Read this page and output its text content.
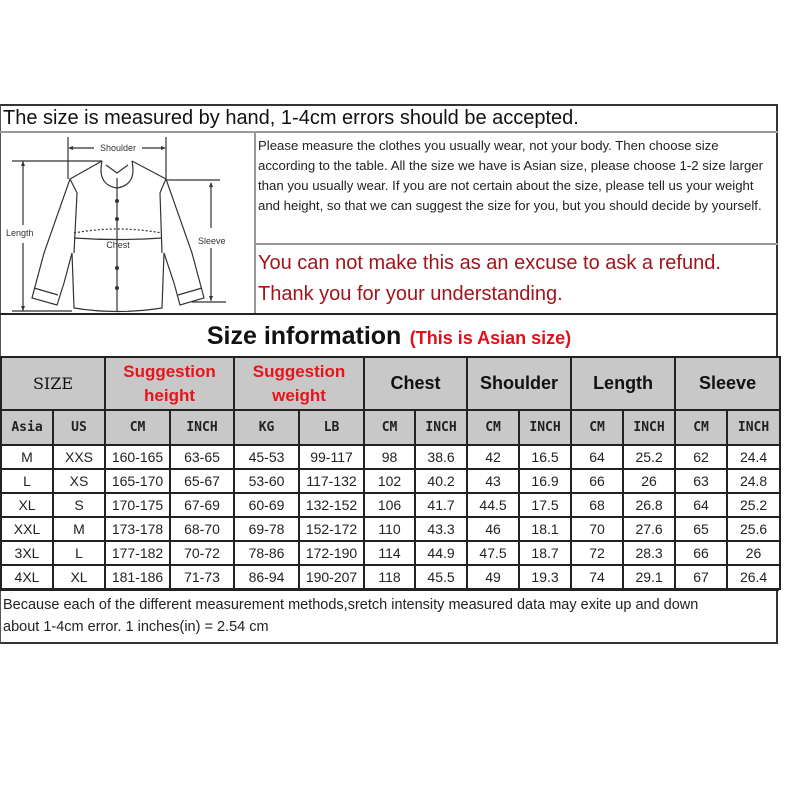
The size is measured by hand, 1-4cm errors should be accepted.
Shoulder
Length
Chest	Sleeve
Please measure the clothes you usually wear, not your body. Then choose size according to the table. All the size we have is Asian size, please choose 1-2 size larger than you usually wear. If you are not certain about the size, please tell us your weight and height, so that we can suggest the size for you, but you should decide by yourself.
You can not make this as an excuse to ask a refund.
Thank you for your understanding.
Size information (This is Asian size)
SIZE		Suggestion height		Suggestion weight		Chest		Shoulder		Length		Sleeve	
Asia	US	CM	INCH	KG	LB	CM	INCH	CM	INCH	CM	INCH	CM	INCH
M	XXS	160-165	63-65	45-53	99-117	98	38.6	42	16.5	64	25.2	62	24.4
L	XS	165-170	65-67	53-60	117-132	102	40.2	43	16.9	66	26	63	24.8
XL	S	170-175	67-69	60-69	132-152	106	41.7	44.5	17.5	68	26.8	64	25.2
XXL	M	173-178	68-70	69-78	152-172	110	43.3	46	18.1	70	27.6	65	25.6
3XL	L	177-182	70-72	78-86	172-190	114	44.9	47.5	18.7	72	28.3	66	26
4XL	XL	181-186	71-73	86-94	190-207	118	45.5	49	19.3	74	29.1	67	26.4
Because each of the different measurement methods,sretch intensity measured data may exite up and down
about 1-4cm error. 1 inches(in) = 2.54 cm
